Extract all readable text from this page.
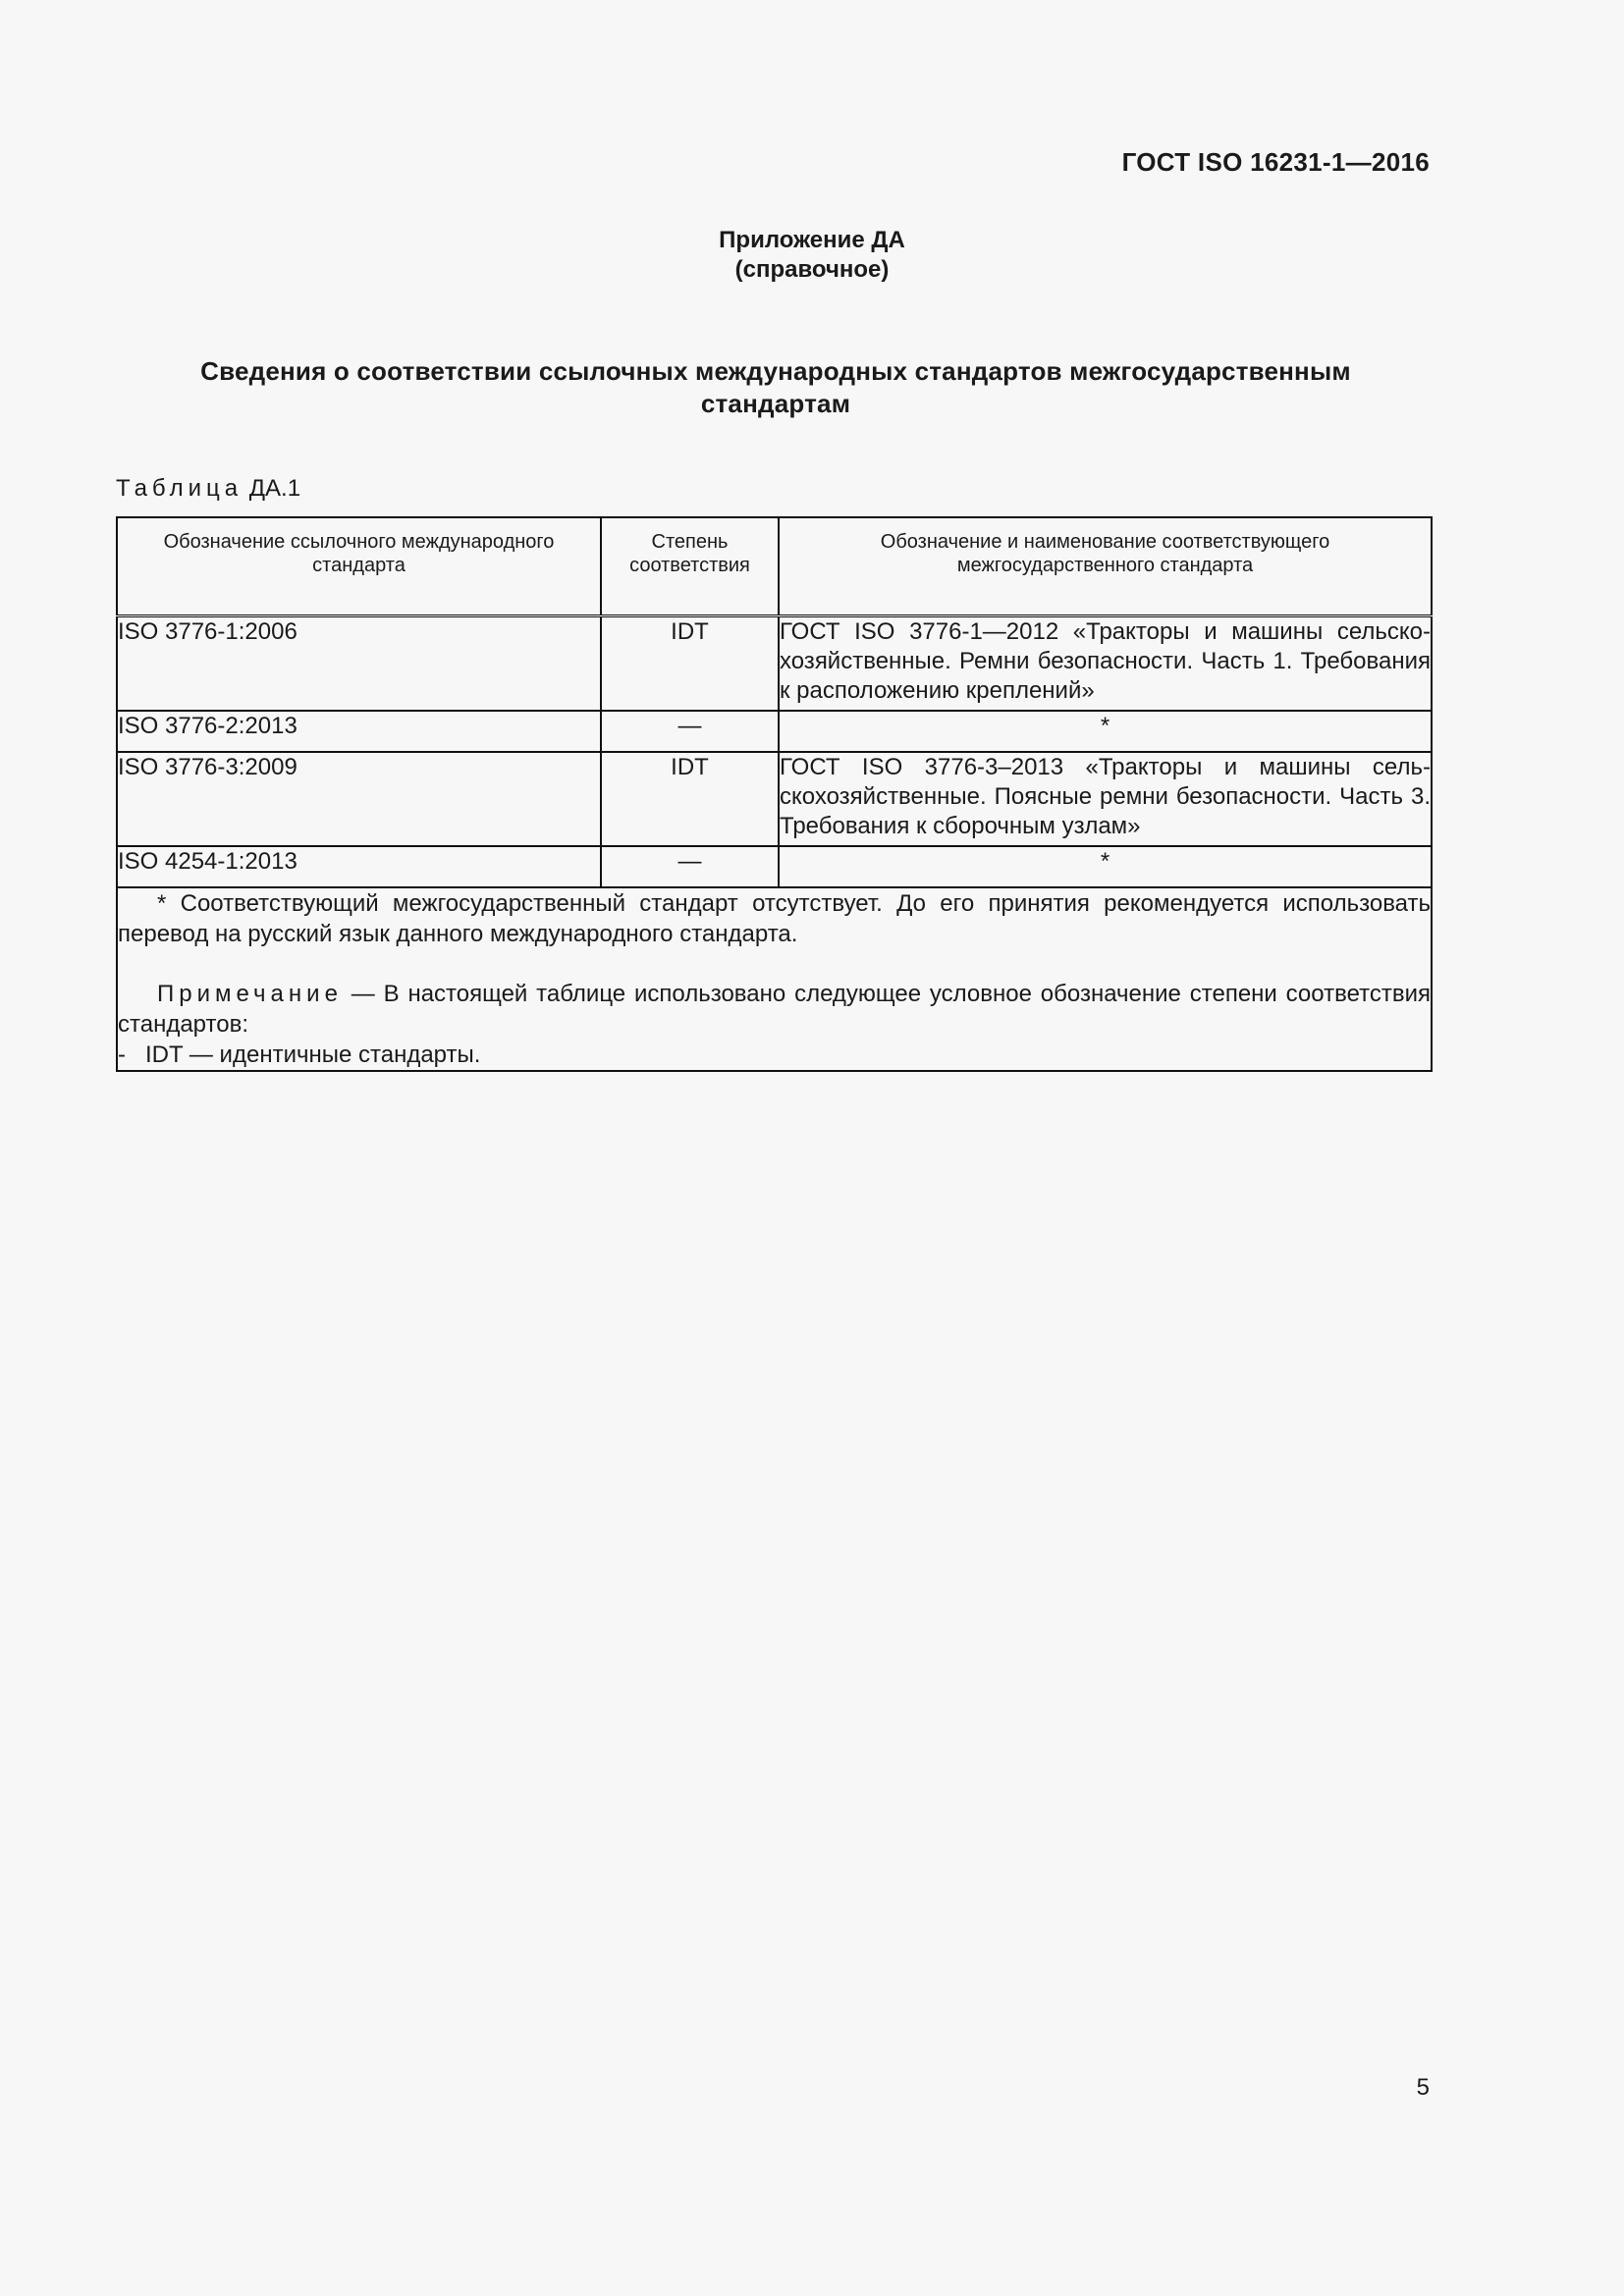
ГОСТ ISO 16231-1—2016
Приложение ДА
(справочное)
Сведения о соответствии ссылочных международных стандартов межгосударственным
стандартам
Таблица ДА.1
Обозначение ссылочного международного стандарта	Степень соответствия	Обозначение и наименование соответствующего межгосударственного стандарта
ISO 3776-1:2006	IDT	ГОСТ ISO 3776-1—2012 «Тракторы и машины сельскохозяйственные. Ремни безопасности. Часть 1. Требования к расположению креплений»
ISO 3776-2:2013	—	*
ISO 3776-3:2009	IDT	ГОСТ ISO 3776-3–2013 «Тракторы и машины сельскохозяйственные. Поясные ремни безопасности. Часть 3. Требования к сборочным узлам»
ISO 4254-1:2013	—	*

* Соответствующий межгосударственный стандарт отсутствует. До его принятия рекомендуется использовать перевод на русский язык данного международного стандарта.
Примечание — В настоящей таблице использовано следующее условное обозначение степени соответствия стандартов:
-   IDT — идентичные стандарты.		
5
